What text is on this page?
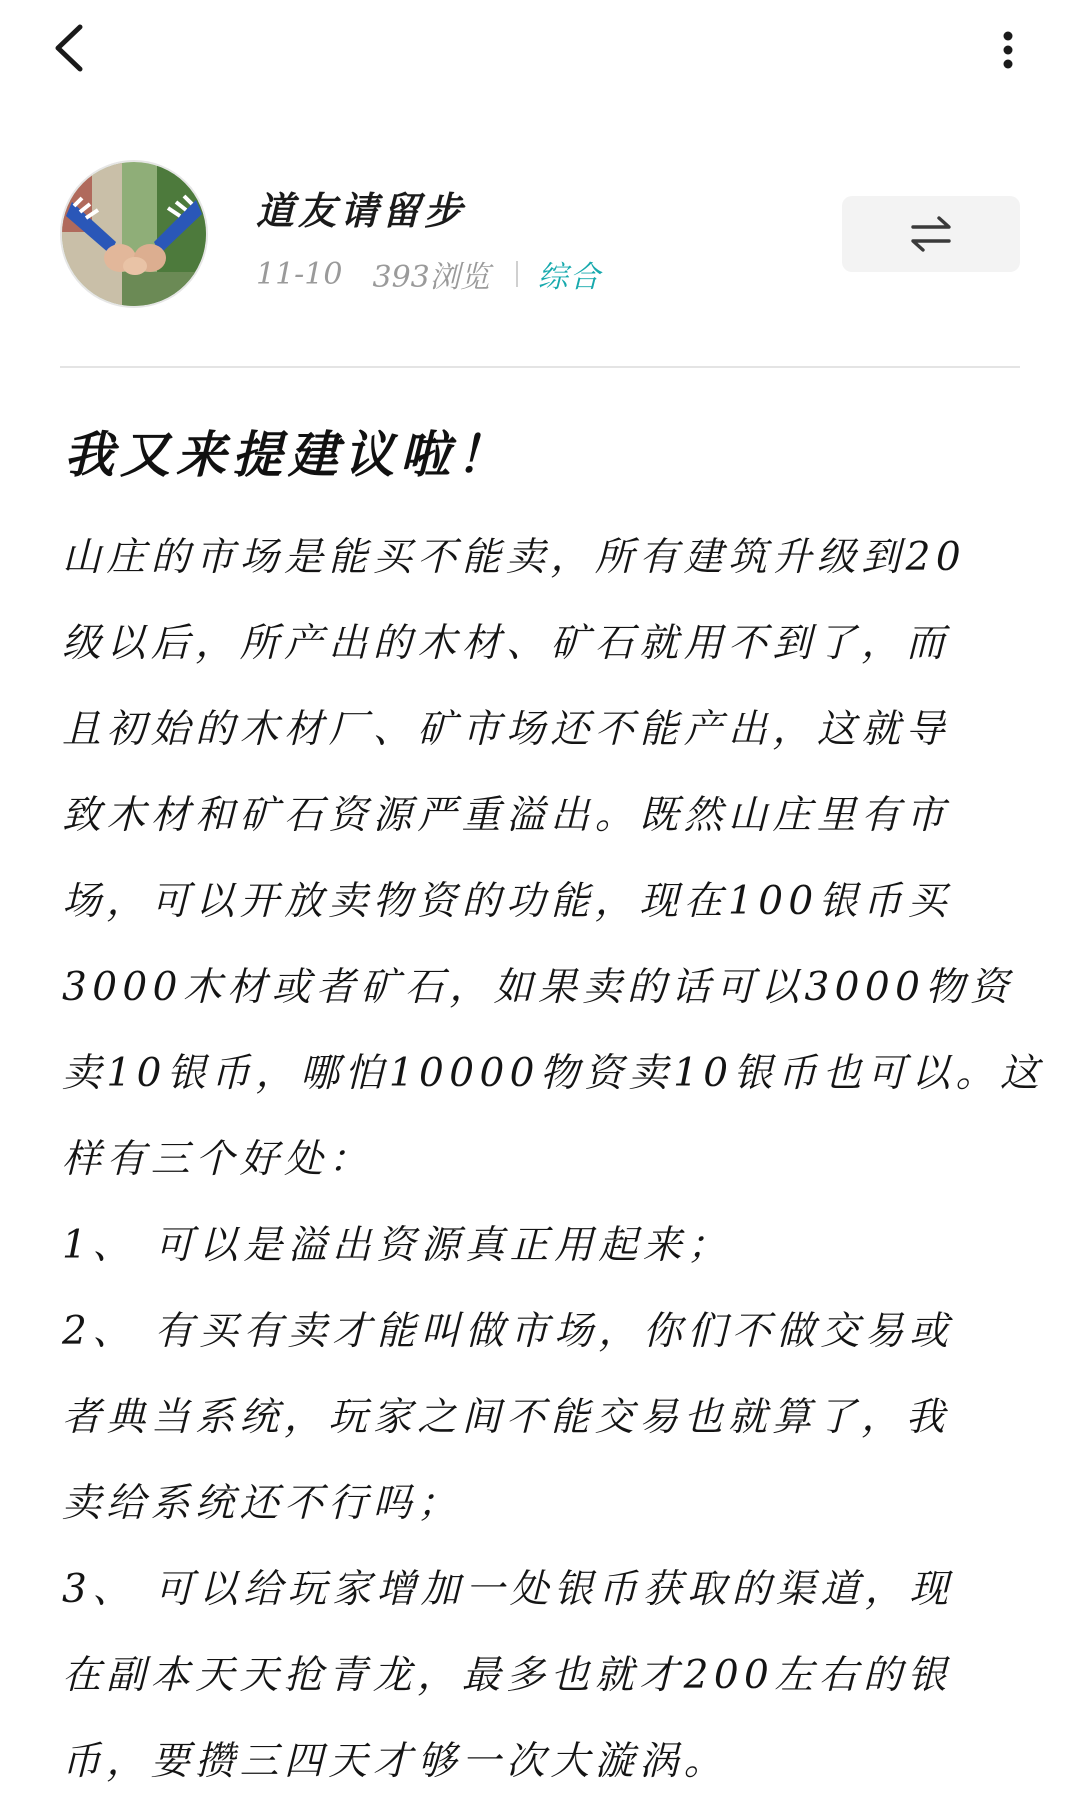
道友请留步
11-10 393浏览 综合
我又来提建议啦！
山庄的市场是能买不能卖，所有建筑升级到20
级以后，所产出的木材、矿石就用不到了，而
且初始的木材厂、矿市场还不能产出，这就导
致木材和矿石资源严重溢出。既然山庄里有市
场，可以开放卖物资的功能，现在100银币买
3000木材或者矿石，如果卖的话可以3000物资
卖10银币，哪怕10000物资卖10银币也可以。这
样有三个好处：
1、 可以是溢出资源真正用起来；
2、 有买有卖才能叫做市场，你们不做交易或
者典当系统，玩家之间不能交易也就算了，我
卖给系统还不行吗；
3、 可以给玩家增加一处银币获取的渠道，现
在副本天天抢青龙，最多也就才200左右的银
币，要攒三四天才够一次大漩涡。
